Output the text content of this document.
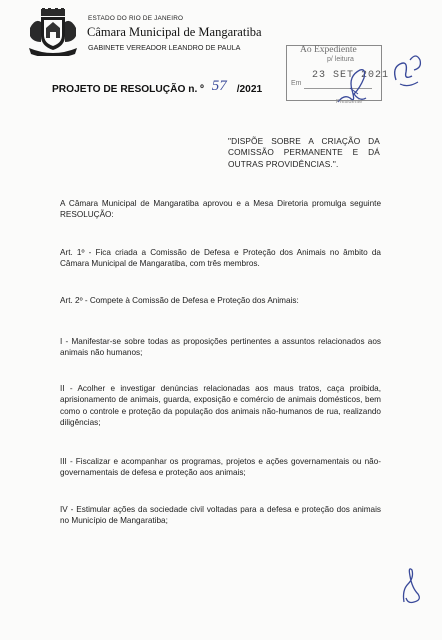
ESTADO DO RIO DE JANEIRO
Câmara Municipal de Mangaratiba
GABINETE VEREADOR LEANDRO DE PAULA
PROJETO DE RESOLUÇÃO n. º 57 /2021
Ao Expediente
p/ leitura
23 SET 2021
Em
Presidente
"DISPÕE SOBRE A CRIAÇÃO DA COMISSÃO PERMANENTE E DÁ OUTRAS PROVIDÊNCIAS.".
A Câmara Municipal de Mangaratiba aprovou e a Mesa Diretoria promulga seguinte RESOLUÇÃO:
Art. 1º - Fica criada a Comissão de Defesa e Proteção dos Animais no âmbito da Câmara Municipal de Mangaratiba, com três membros.
Art. 2º - Compete à Comissão de Defesa e Proteção dos Animais:
I - Manifestar-se sobre todas as proposições pertinentes a assuntos relacionados aos animais não humanos;
II - Acolher e investigar denúncias relacionadas aos maus tratos, caça proibida, aprisionamento de animais, guarda, exposição e comércio de animais domésticos, bem como o controle e proteção da população dos animais não-humanos de rua, realizando diligências;
III - Fiscalizar e acompanhar os programas, projetos e ações governamentais ou não-governamentais de defesa e proteção aos animais;
IV - Estimular ações da sociedade civil voltadas para a defesa e proteção dos animais no Município de Mangaratiba;
